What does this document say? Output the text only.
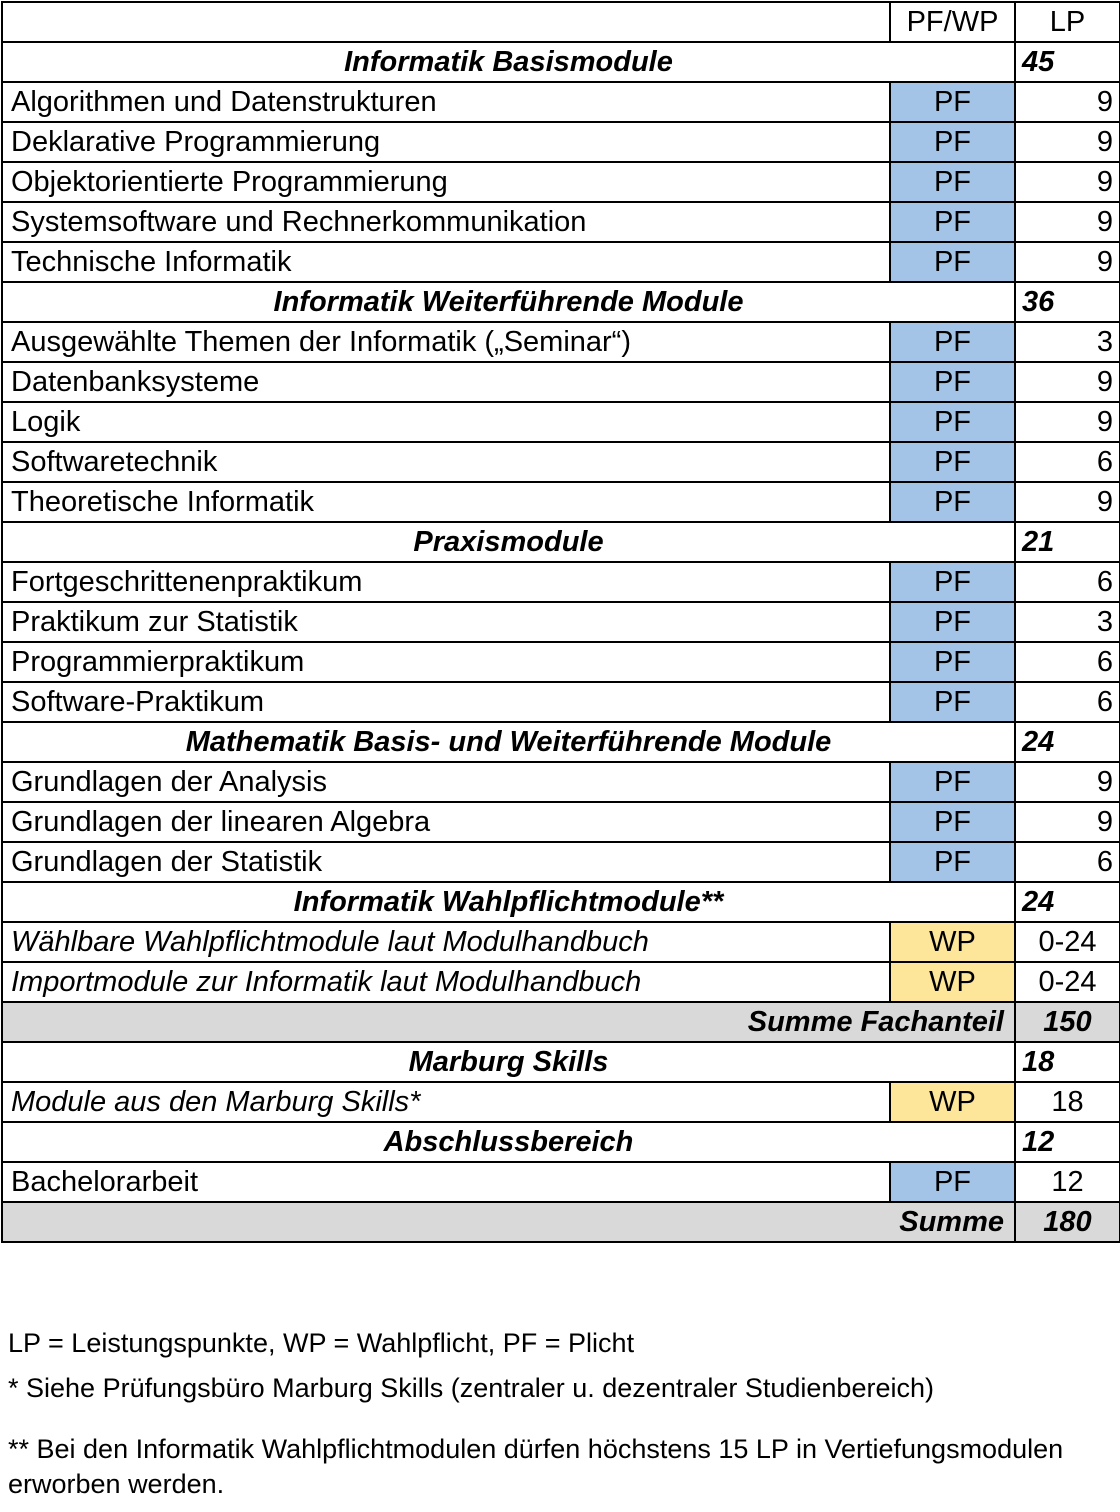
	PF/WP	LP
Informatik Basismodule		45
Algorithmen und Datenstrukturen	PF	9
Deklarative Programmierung	PF	9
Objektorientierte Programmierung	PF	9
Systemsoftware und Rechnerkommunikation	PF	9
Technische Informatik	PF	9
Informatik Weiterführende Module		36
Ausgewählte Themen der Informatik („Seminar“)	PF	3
Datenbanksysteme	PF	9
Logik	PF	9
Softwaretechnik	PF	6
Theoretische Informatik	PF	9
Praxismodule		21
Fortgeschrittenenpraktikum	PF	6
Praktikum zur Statistik	PF	3
Programmierpraktikum	PF	6
Software-Praktikum	PF	6
Mathematik Basis- und Weiterführende Module		24
Grundlagen der Analysis	PF	9
Grundlagen der linearen Algebra	PF	9
Grundlagen der Statistik	PF	6
Informatik Wahlpflichtmodule**		24
Wählbare Wahlpflichtmodule laut Modulhandbuch	WP	0-24
Importmodule zur Informatik laut Modulhandbuch	WP	0-24
Summe Fachanteil		150
Marburg Skills		18
Module aus den Marburg Skills*	WP	18
Abschlussbereich		12
Bachelorarbeit	PF	12
Summe		180

LP = Leistungspunkte, WP = Wahlpflicht, PF = Plicht

* Siehe Prüfungsbüro Marburg Skills (zentraler u. dezentraler Studienbereich)

** Bei den Informatik Wahlpflichtmodulen dürfen höchstens 15 LP in Vertiefungsmodulen erworben werden.
